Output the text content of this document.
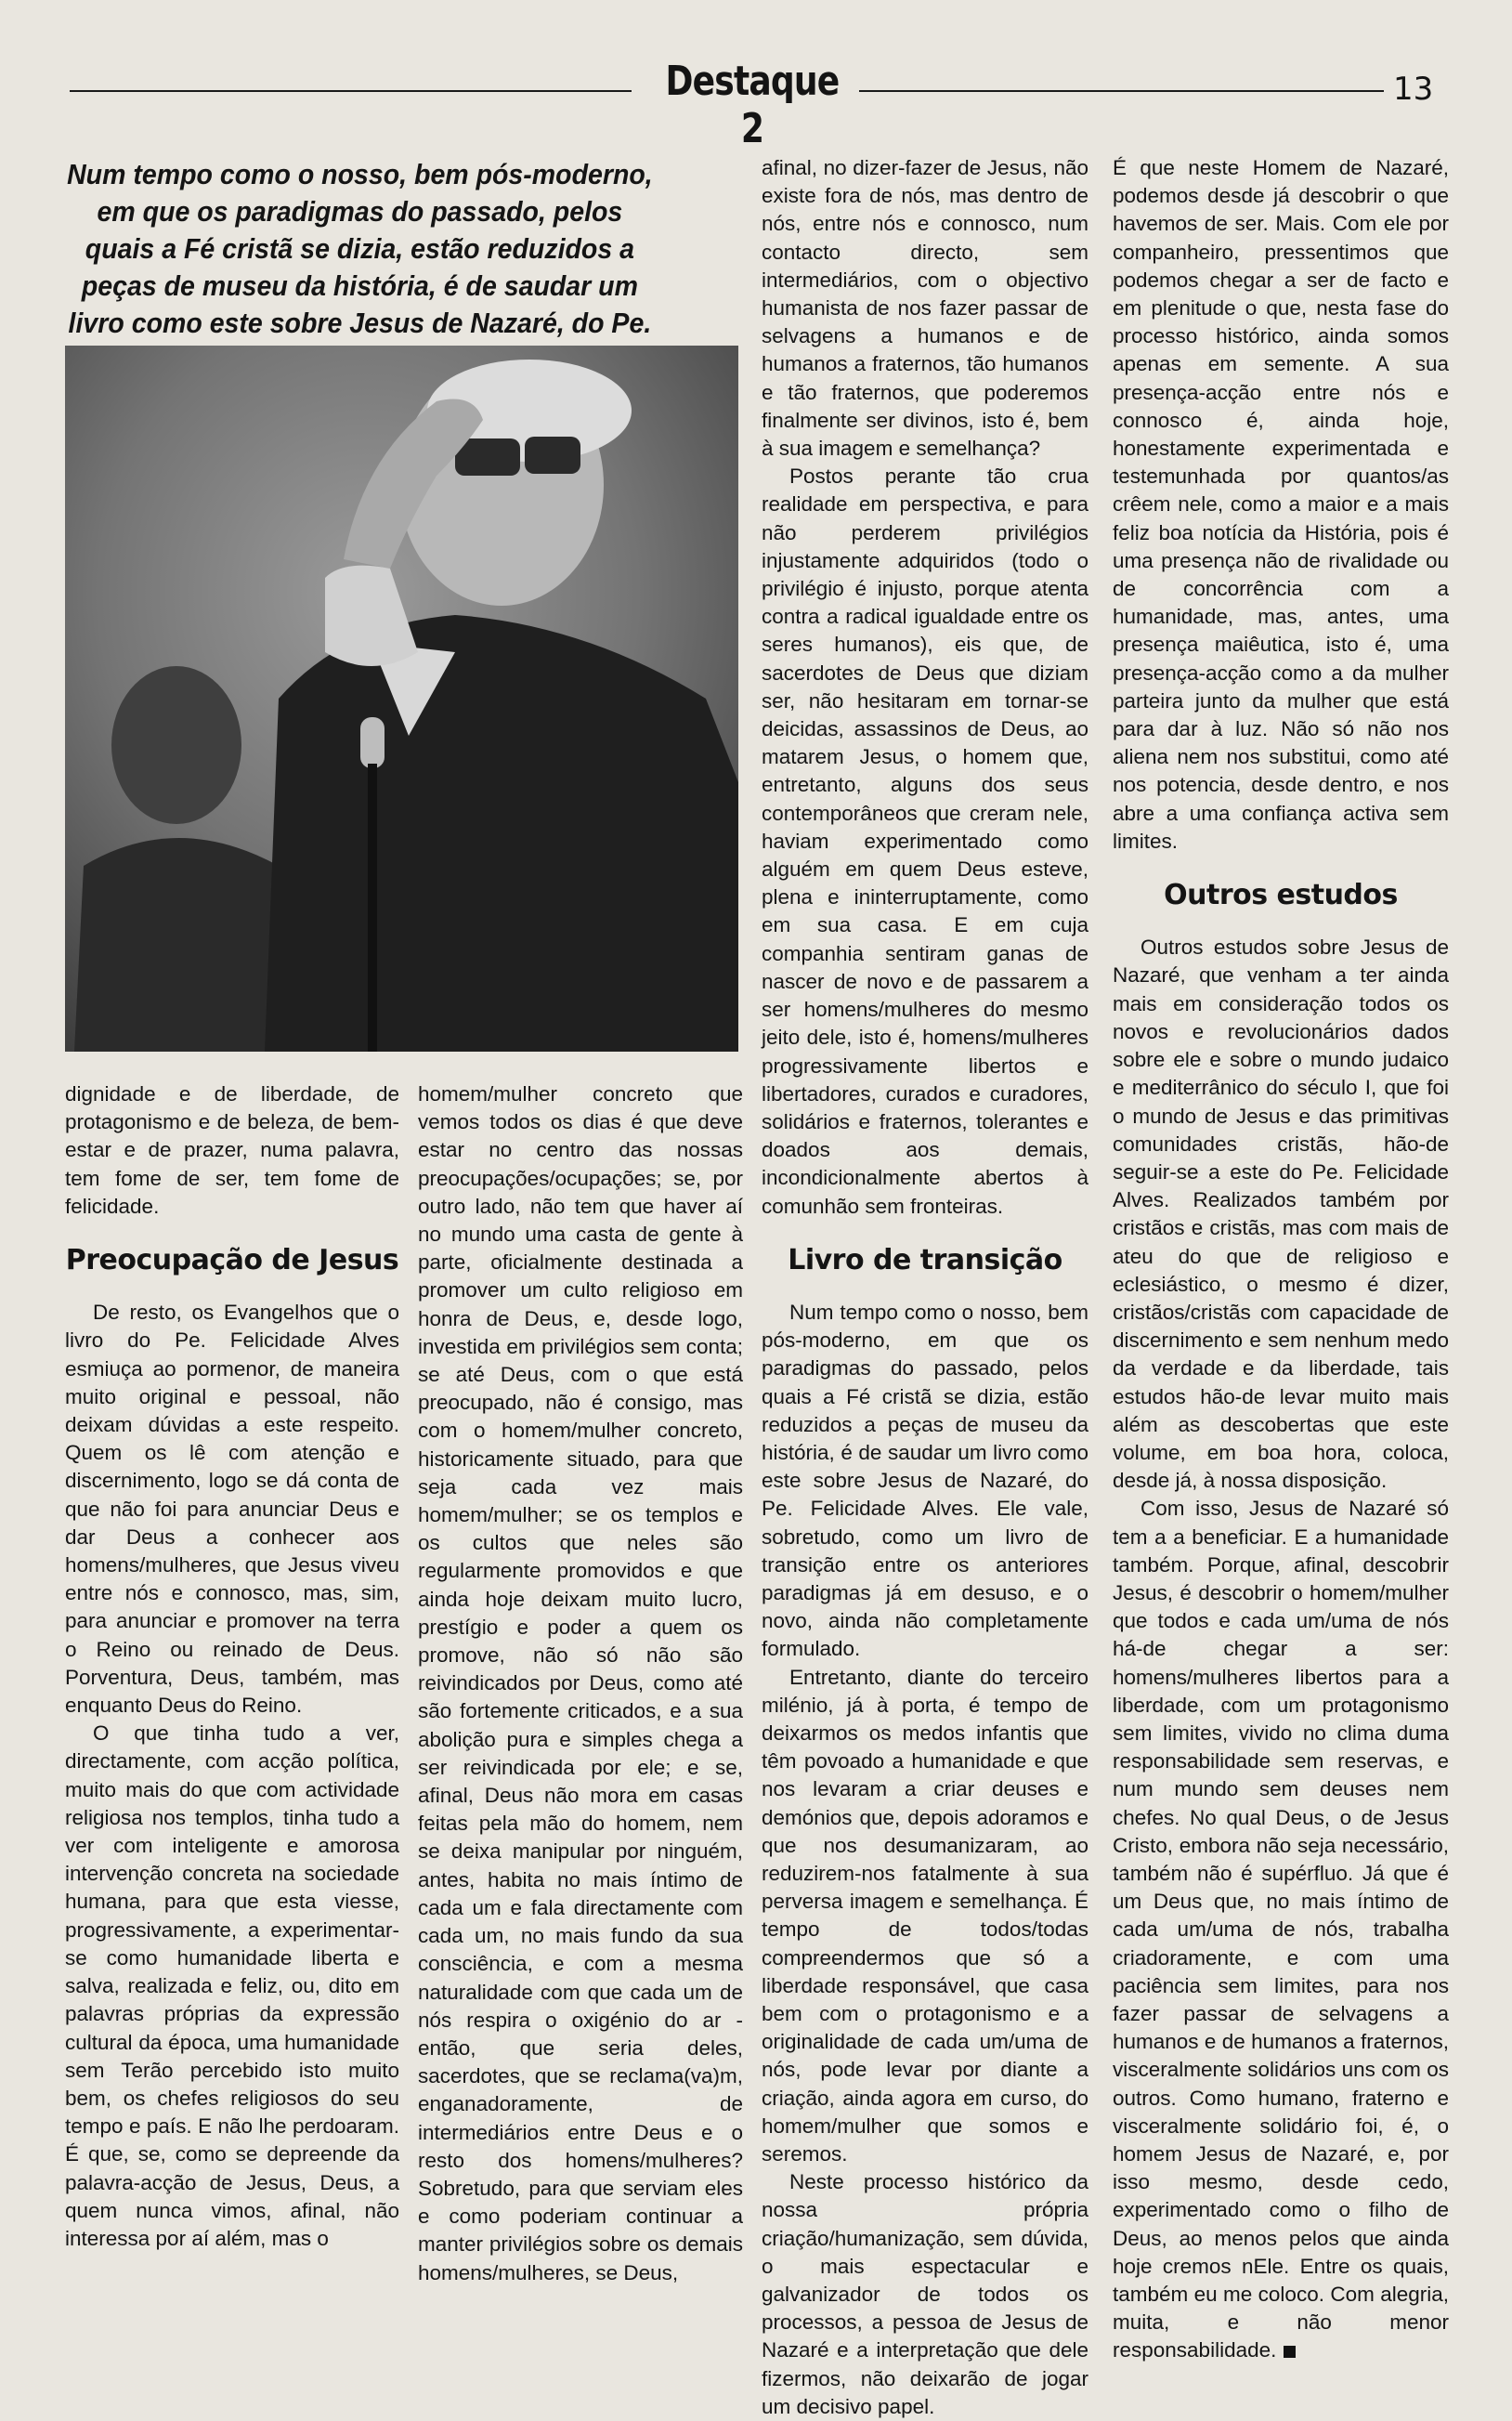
Destaque 2
13
Num tempo como o nosso, bem pós-moderno, em que os paradigmas do passado, pelos quais a Fé cristã se dizia, estão reduzidos a peças de museu da história, é de saudar um livro como este sobre Jesus de Nazaré, do Pe.

dignidade e de liberdade, de protagonismo e de beleza, de bem-estar e de prazer, numa palavra, tem fome de ser, tem fome de felicidade.

Preocupação de Jesus

De resto, os Evangelhos que o livro do Pe. Felicidade Alves esmiuça ao pormenor, de maneira muito original e pessoal, não deixam dúvidas a este respeito. Quem os lê com atenção e discernimento, logo se dá conta de que não foi para anunciar Deus e dar Deus a conhecer aos homens/mulheres, que Jesus viveu entre nós e connosco, mas, sim, para anunciar e promover na terra o Reino ou reinado de Deus. Porventura, Deus, também, mas enquanto Deus do Reino.

O que tinha tudo a ver, directamente, com acção política, muito mais do que com actividade religiosa nos templos, tinha tudo a ver com inteligente e amorosa intervenção concreta na sociedade humana, para que esta viesse, progressivamente, a experimentar-se como humanidade liberta e salva, realizada e feliz, ou, dito em palavras próprias da expressão cultural da época, uma humanidade sem Terão percebido isto muito bem, os chefes religiosos do seu tempo e país. E não lhe perdoaram. É que, se, como se depreende da palavra-acção de Jesus, Deus, a quem nunca vimos, afinal, não interessa por aí além, mas o

homem/mulher concreto que vemos todos os dias é que deve estar no centro das nossas preocupações/ocupações; se, por outro lado, não tem que haver aí no mundo uma casta de gente à parte, oficialmente destinada a promover um culto religioso em honra de Deus, e, desde logo, investida em privilégios sem conta; se até Deus, com o que está preocupado, não é consigo, mas com o homem/mulher concreto, historicamente situado, para que seja cada vez mais homem/mulher; se os templos e os cultos que neles são regularmente promovidos e que ainda hoje deixam muito lucro, prestígio e poder a quem os promove, não só não são reivindicados por Deus, como até são fortemente criticados, e a sua abolição pura e simples chega a ser reivindicada por ele; e se, afinal, Deus não mora em casas feitas pela mão do homem, nem se deixa manipular por ninguém, antes, habita no mais íntimo de cada um e fala directamente com cada um, no mais fundo da sua consciência, e com a mesma naturalidade com que cada um de nós respira o oxigénio do ar - então, que seria deles, sacerdotes, que se reclama(va)m, enganadoramente, de intermediários entre Deus e o resto dos homens/mulheres? Sobretudo, para que serviam eles e como poderiam continuar a manter privilégios sobre os demais homens/mulheres, se Deus,

afinal, no dizer-fazer de Jesus, não existe fora de nós, mas dentro de nós, entre nós e connosco, num contacto directo, sem intermediários, com o objectivo humanista de nos fazer passar de selvagens a humanos e de humanos a fraternos, tão humanos e tão fraternos, que poderemos finalmente ser divinos, isto é, bem à sua imagem e semelhança?

Postos perante tão crua realidade em perspectiva, e para não perderem privilégios injustamente adquiridos (todo o privilégio é injusto, porque atenta contra a radical igualdade entre os seres humanos), eis que, de sacerdotes de Deus que diziam ser, não hesitaram em tornar-se deicidas, assassinos de Deus, ao matarem Jesus, o homem que, entretanto, alguns dos seus contemporâneos que creram nele, haviam experimentado como alguém em quem Deus esteve, plena e ininterruptamente, como em sua casa. E em cuja companhia sentiram ganas de nascer de novo e de passarem a ser homens/mulheres do mesmo jeito dele, isto é, homens/mulheres progressivamente libertos e libertadores, curados e curadores, solidários e fraternos, tolerantes e doados aos demais, incondicionalmente abertos à comunhão sem fronteiras.

Livro de transição

Num tempo como o nosso, bem pós-moderno, em que os paradigmas do passado, pelos quais a Fé cristã se dizia, estão reduzidos a peças de museu da história, é de saudar um livro como este sobre Jesus de Nazaré, do Pe. Felicidade Alves. Ele vale, sobretudo, como um livro de transição entre os anteriores paradigmas já em desuso, e o novo, ainda não completamente formulado.

Entretanto, diante do terceiro milénio, já à porta, é tempo de deixarmos os medos infantis que têm povoado a humanidade e que nos levaram a criar deuses e demónios que, depois adoramos e que nos desumanizaram, ao reduzirem-nos fatalmente à sua perversa imagem e semelhança. É tempo de todos/todas compreendermos que só a liberdade responsável, que casa bem com o protagonismo e a originalidade de cada um/uma de nós, pode levar por diante a criação, ainda agora em curso, do homem/mulher que somos e seremos.

Neste processo histórico da nossa própria criação/humanização, sem dúvida, o mais espectacular e galvanizador de todos os processos, a pessoa de Jesus de Nazaré e a interpretação que dele fizermos, não deixarão de jogar um decisivo papel.

É que neste Homem de Nazaré, podemos desde já descobrir o que havemos de ser. Mais. Com ele por companheiro, pressentimos que podemos chegar a ser de facto e em plenitude o que, nesta fase do processo histórico, ainda somos apenas em semente. A sua presença-acção entre nós e connosco é, ainda hoje, honestamente experimentada e testemunhada por quantos/as crêem nele, como a maior e a mais feliz boa notícia da História, pois é uma presença não de rivalidade ou de concorrência com a humanidade, mas, antes, uma presença maiêutica, isto é, uma presença-acção como a da mulher parteira junto da mulher que está para dar à luz. Não só não nos aliena nem nos substitui, como até nos potencia, desde dentro, e nos abre a uma confiança activa sem limites.

Outros estudos

Outros estudos sobre Jesus de Nazaré, que venham a ter ainda mais em consideração todos os novos e revolucionários dados sobre ele e sobre o mundo judaico e mediterrânico do século I, que foi o mundo de Jesus e das primitivas comunidades cristãs, hão-de seguir-se a este do Pe. Felicidade Alves. Realizados também por cristãos e cristãs, mas com mais de ateu do que de religioso e eclesiástico, o mesmo é dizer, cristãos/cristãs com capacidade de discernimento e sem nenhum medo da verdade e da liberdade, tais estudos hão-de levar muito mais além as descobertas que este volume, em boa hora, coloca, desde já, à nossa disposição.

Com isso, Jesus de Nazaré só tem a a beneficiar. E a humanidade também. Porque, afinal, descobrir Jesus, é descobrir o homem/mulher que todos e cada um/uma de nós há-de chegar a ser: homens/mulheres libertos para a liberdade, com um protagonismo sem limites, vivido no clima duma responsabilidade sem reservas, e num mundo sem deuses nem chefes. No qual Deus, o de Jesus Cristo, embora não seja necessário, também não é supérfluo. Já que é um Deus que, no mais íntimo de cada um/uma de nós, trabalha criadoramente, e com uma paciência sem limites, para nos fazer passar de selvagens a humanos e de humanos a fraternos, visceralmente solidários uns com os outros. Como humano, fraterno e visceralmente solidário foi, é, o homem Jesus de Nazaré, e, por isso mesmo, desde cedo, experimentado como o filho de Deus, ao menos pelos que ainda hoje cremos nEle. Entre os quais, também eu me coloco. Com alegria, muita, e não menor responsabilidade.
